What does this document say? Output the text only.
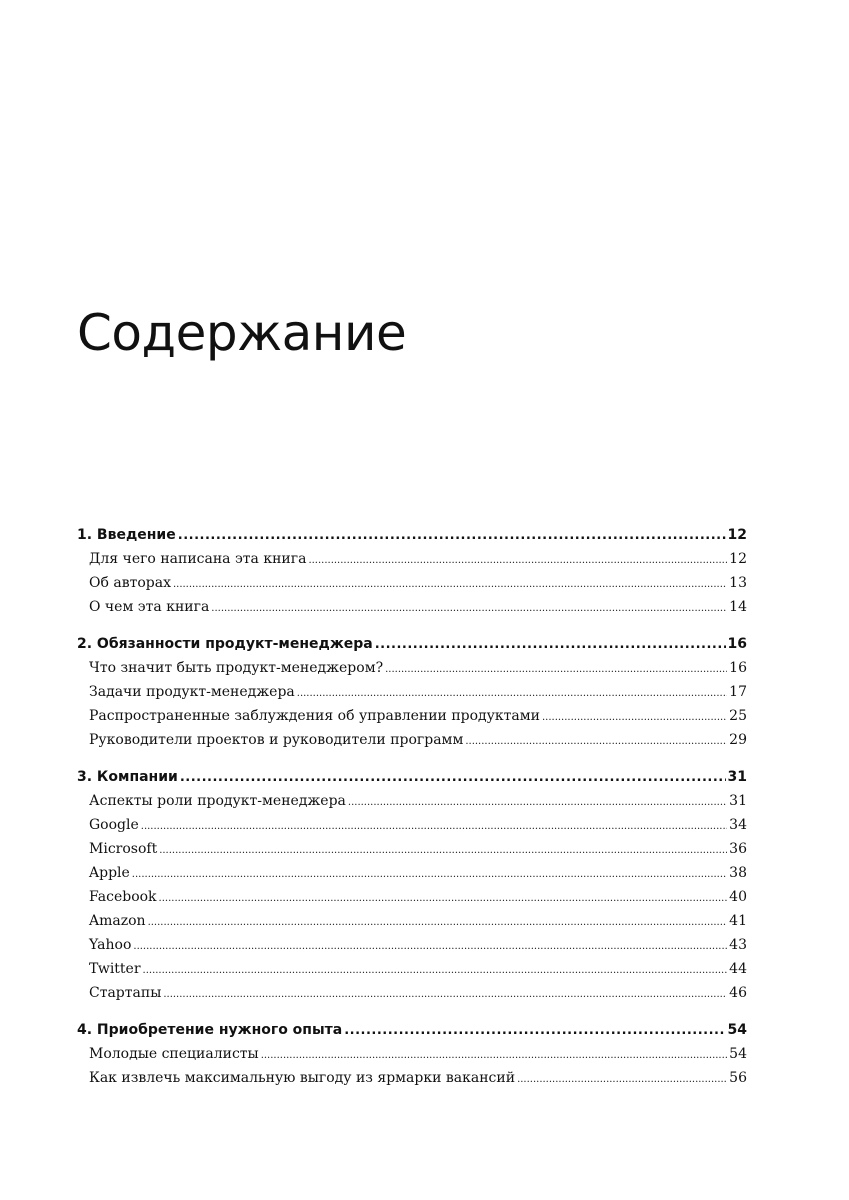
Содержание
1. Введение .....	12
Для чего написана эта книга .....	12
Об авторах .....	13
О чем эта книга .....	14
2. Обязанности продукт-менеджера .....	16
Что значит быть продукт-менеджером? .....	16
Задачи продукт-менеджера .....	17
Распространенные заблуждения об управлении продуктами .....	25
Руководители проектов и руководители программ .....	29
3. Компании .....	31
Аспекты роли продукт-менеджера .....	31
Google .....	34
Microsoft .....	36
Apple .....	38
Facebook .....	40
Amazon .....	41
Yahoo .....	43
Twitter .....	44
Стартапы .....	46
4. Приобретение нужного опыта .....	54
Молодые специалисты .....	54
Как извлечь максимальную выгоду из ярмарки вакансий .....	56
